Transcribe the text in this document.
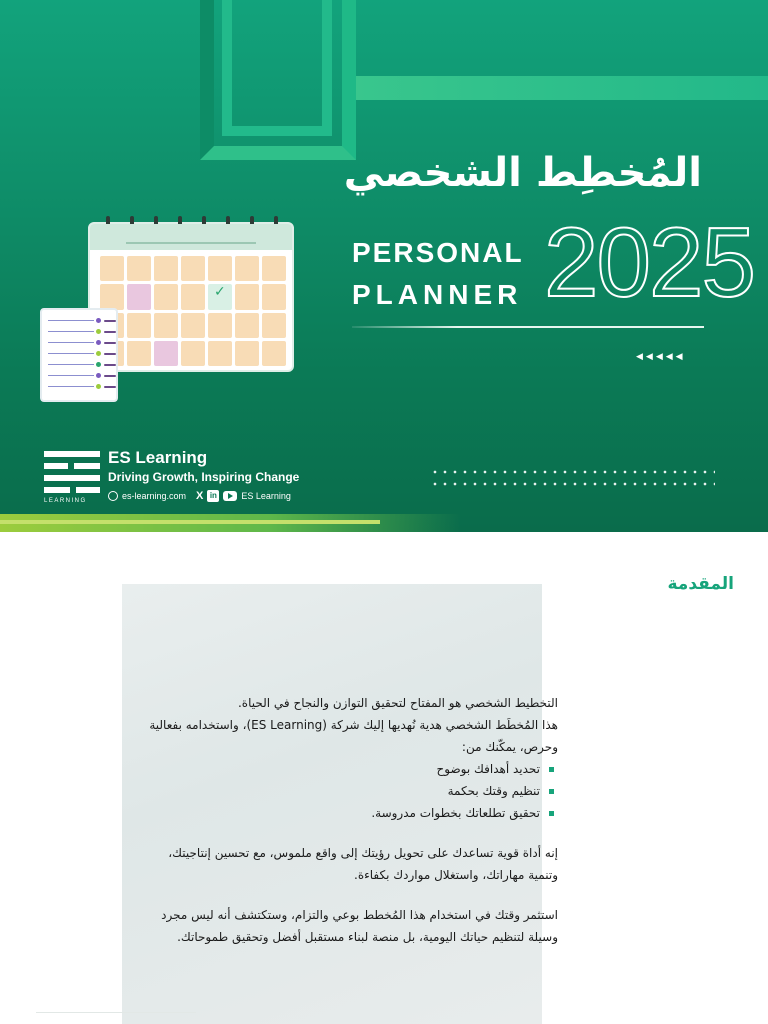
المُخطِط الشخصي
PERSONAL
PLANNER 2025
◀◀◀◀◀
✓
LEARNING
ES Learning
Driving Growth, Inspiring Change
es-learning.com X in	ES Learning
المقدمة

التخطيط الشخصي هو المفتاح لتحقيق التوازن والنجاح في الحياة.

هذا المُخطَط الشخصي هدية نُهديها إليك شركة (ES Learning)، واستخدامه بفعالية وحرص، يمكّنك من:

تحديد أهدافك بوضوح
تنظيم وقتك بحكمة
تحقيق تطلعاتك بخطوات مدروسة.

إنه أداة قوية تساعدك على تحويل رؤيتك إلى واقع ملموس، مع تحسين إنتاجيتك، وتنمية مهاراتك، واستغلال مواردك بكفاءة.

استثمر وقتك في استخدام هذا المُخطط بوعي والتزام، وستكتشف أنه ليس مجرد وسيلة لتنظيم حياتك اليومية، بل منصة لبناء مستقبل أفضل وتحقيق طموحاتك.
